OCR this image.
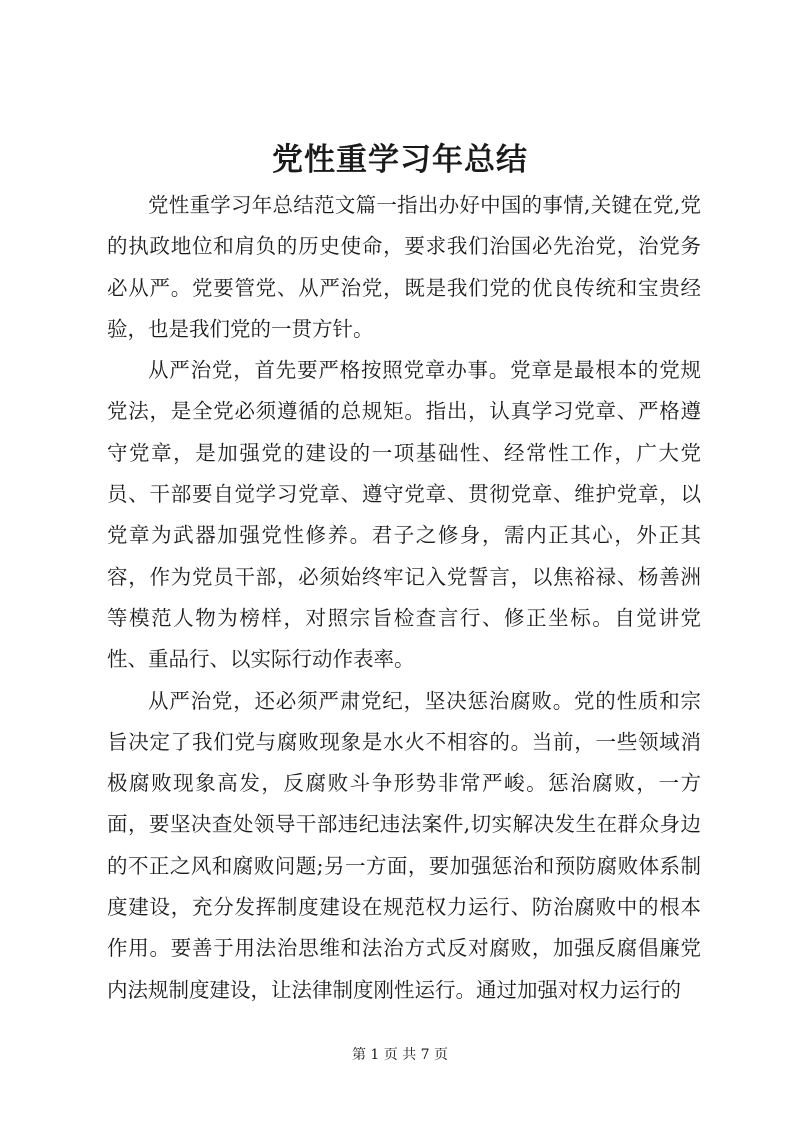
党性重学习年总结

党性重学习年总结范文篇一指出办好中国的事情,关键在党,党的执政地位和肩负的历史使命，要求我们治国必先治党，治党务必从严。党要管党、从严治党，既是我们党的优良传统和宝贵经验，也是我们党的一贯方针。

从严治党，首先要严格按照党章办事。党章是最根本的党规党法，是全党必须遵循的总规矩。指出，认真学习党章、严格遵守党章，是加强党的建设的一项基础性、经常性工作，广大党员、干部要自觉学习党章、遵守党章、贯彻党章、维护党章，以党章为武器加强党性修养。君子之修身，需内正其心，外正其容，作为党员干部，必须始终牢记入党誓言，以焦裕禄、杨善洲等模范人物为榜样，对照宗旨检查言行、修正坐标。自觉讲党性、重品行、以实际行动作表率。

从严治党，还必须严肃党纪，坚决惩治腐败。党的性质和宗旨决定了我们党与腐败现象是水火不相容的。当前，一些领域消极腐败现象高发，反腐败斗争形势非常严峻。惩治腐败，一方面，要坚决查处领导干部违纪违法案件,切实解决发生在群众身边的不正之风和腐败问题;另一方面，要加强惩治和预防腐败体系制度建设，充分发挥制度建设在规范权力运行、防治腐败中的根本作用。要善于用法治思维和法治方式反对腐败，加强反腐倡廉党内法规制度建设，让法律制度刚性运行。通过加强对权力运行的

第 1 页 共 7 页
